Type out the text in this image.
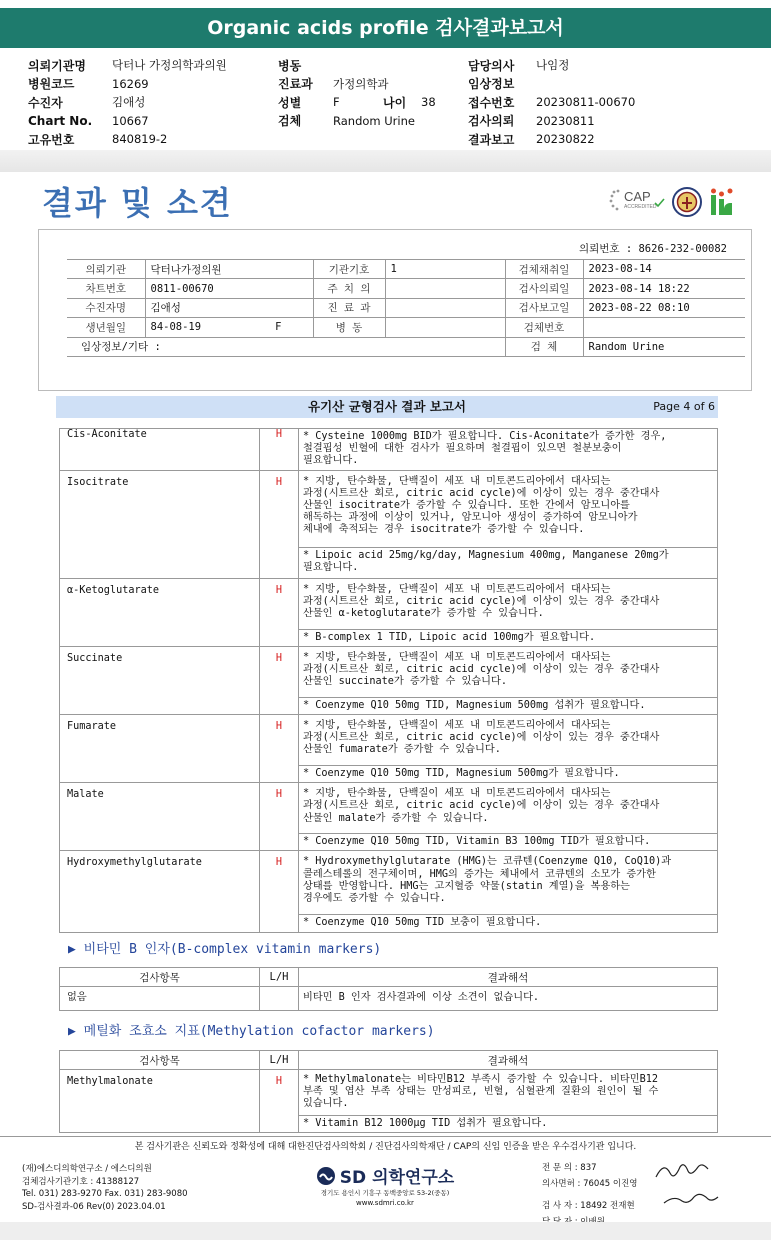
Organic acids profile 검사결과보고서
의뢰기관명	닥터나 가정의학과의원
병원코드	16269
수진자	김애성
Chart No.	10667
고유번호	840819-2
병동
진료과	가정의학과
성별	F	나이	38
검체	Random Urine
담당의사	나임정
임상정보
접수번호	20230811-00670
검사의뢰	20230811
결과보고	20230822
결과 및 소견	CAP
ACCREDITED
의뢰번호 : 8626-232-00082
의뢰기관	닥터나가정의원	기관기호	1	검체채취일	2023-08-14
차트번호	0811-00670	주 치 의		검사의뢰일	2023-08-14 18:22
수진자명	김애성	진 료 과		검사보고일	2023-08-22 08:10
생년월일	84-08-19 F	병 동		검체번호	
임상정보/기타 :				검 체	Random Urine
유기산 균형검사 결과 보고서	Page 4 of 6
Cis-Aconitate	H	* Cysteine 1000mg BID가 필요합니다. Cis-Aconitate가 증가한 경우,
철결핍성 빈혈에 대한 검사가 필요하며 철결핍이 있으면 철분보충이
필요합니다.
Isocitrate	H	* 지방, 탄수화물, 단백질이 세포 내 미토콘드리아에서 대사되는
과정(시트르산 회로, citric acid cycle)에 이상이 있는 경우 중간대사
산물인 isocitrate가 증가할 수 있습니다. 또한 간에서 암모니아를
해독하는 과정에 이상이 있거나, 암모니아 생성이 증가하여 암모니아가
체내에 축적되는 경우 isocitrate가 증가할 수 있습니다.
		* Lipoic acid 25mg/kg/day, Magnesium 400mg, Manganese 20mg가
필요합니다.
α-Ketoglutarate	H	* 지방, 탄수화물, 단백질이 세포 내 미토콘드리아에서 대사되는
과정(시트르산 회로, citric acid cycle)에 이상이 있는 경우 중간대사
산물인 α-ketoglutarate가 증가할 수 있습니다.
		* B-complex 1 TID, Lipoic acid 100mg가 필요합니다.
Succinate	H	* 지방, 탄수화물, 단백질이 세포 내 미토콘드리아에서 대사되는
과정(시트르산 회로, citric acid cycle)에 이상이 있는 경우 중간대사
산물인 succinate가 증가할 수 있습니다.
		* Coenzyme Q10 50mg TID, Magnesium 500mg 섭취가 필요합니다.
Fumarate	H	* 지방, 탄수화물, 단백질이 세포 내 미토콘드리아에서 대사되는
과정(시트르산 회로, citric acid cycle)에 이상이 있는 경우 중간대사
산물인 fumarate가 증가할 수 있습니다.
		* Coenzyme Q10 50mg TID, Magnesium 500mg가 필요합니다.
Malate	H	* 지방, 탄수화물, 단백질이 세포 내 미토콘드리아에서 대사되는
과정(시트르산 회로, citric acid cycle)에 이상이 있는 경우 중간대사
산물인 malate가 증가할 수 있습니다.
		* Coenzyme Q10 50mg TID, Vitamin B3 100mg TID가 필요합니다.
Hydroxymethylglutarate	H	* Hydroxymethylglutarate (HMG)는 코큐텐(Coenzyme Q10, CoQ10)과
콜레스테롤의 전구체이며, HMG의 증가는 체내에서 코큐텐의 소모가 증가한
상태를 반영합니다. HMG는 고지혈증 약물(statin 계열)을 복용하는
경우에도 증가할 수 있습니다.
		* Coenzyme Q10 50mg TID 보충이 필요합니다.
▶ 비타민 B 인자(B-complex vitamin markers)
검사항목	L/H	결과해석
없음		비타민 B 인자 검사결과에 이상 소견이 없습니다.
▶ 메틸화 조효소 지표(Methylation cofactor markers)
검사항목	L/H	결과해석
Methylmalonate	H	* Methylmalonate는 비타민B12 부족시 증가할 수 있습니다. 비타민B12
부족 및 엽산 부족 상태는 만성피로, 빈혈, 심혈관계 질환의 원인이 될 수
있습니다.
		* Vitamin B12 1000μg TID 섭취가 필요합니다.
본 검사기관은 신뢰도와 정확성에 대해 대한진단검사의학회 / 진단검사의학재단 / CAP의 신임 인증을 받은 우수검사기관 입니다.
(재)에스디의학연구소 / 에스디의원
검체검사기관기호 : 41388127
Tel. 031) 283-9270 Fax. 031) 283-9080
SD-검사결과-06 Rev(0) 2023.04.01
SD 의학연구소
경기도 용인시 기흥구 동백중앙로 53-2(중동)
www.sdmri.co.kr
전 문 의 : 837
의사면허 : 76045 이진영
검 사 자 : 18492 전재현
